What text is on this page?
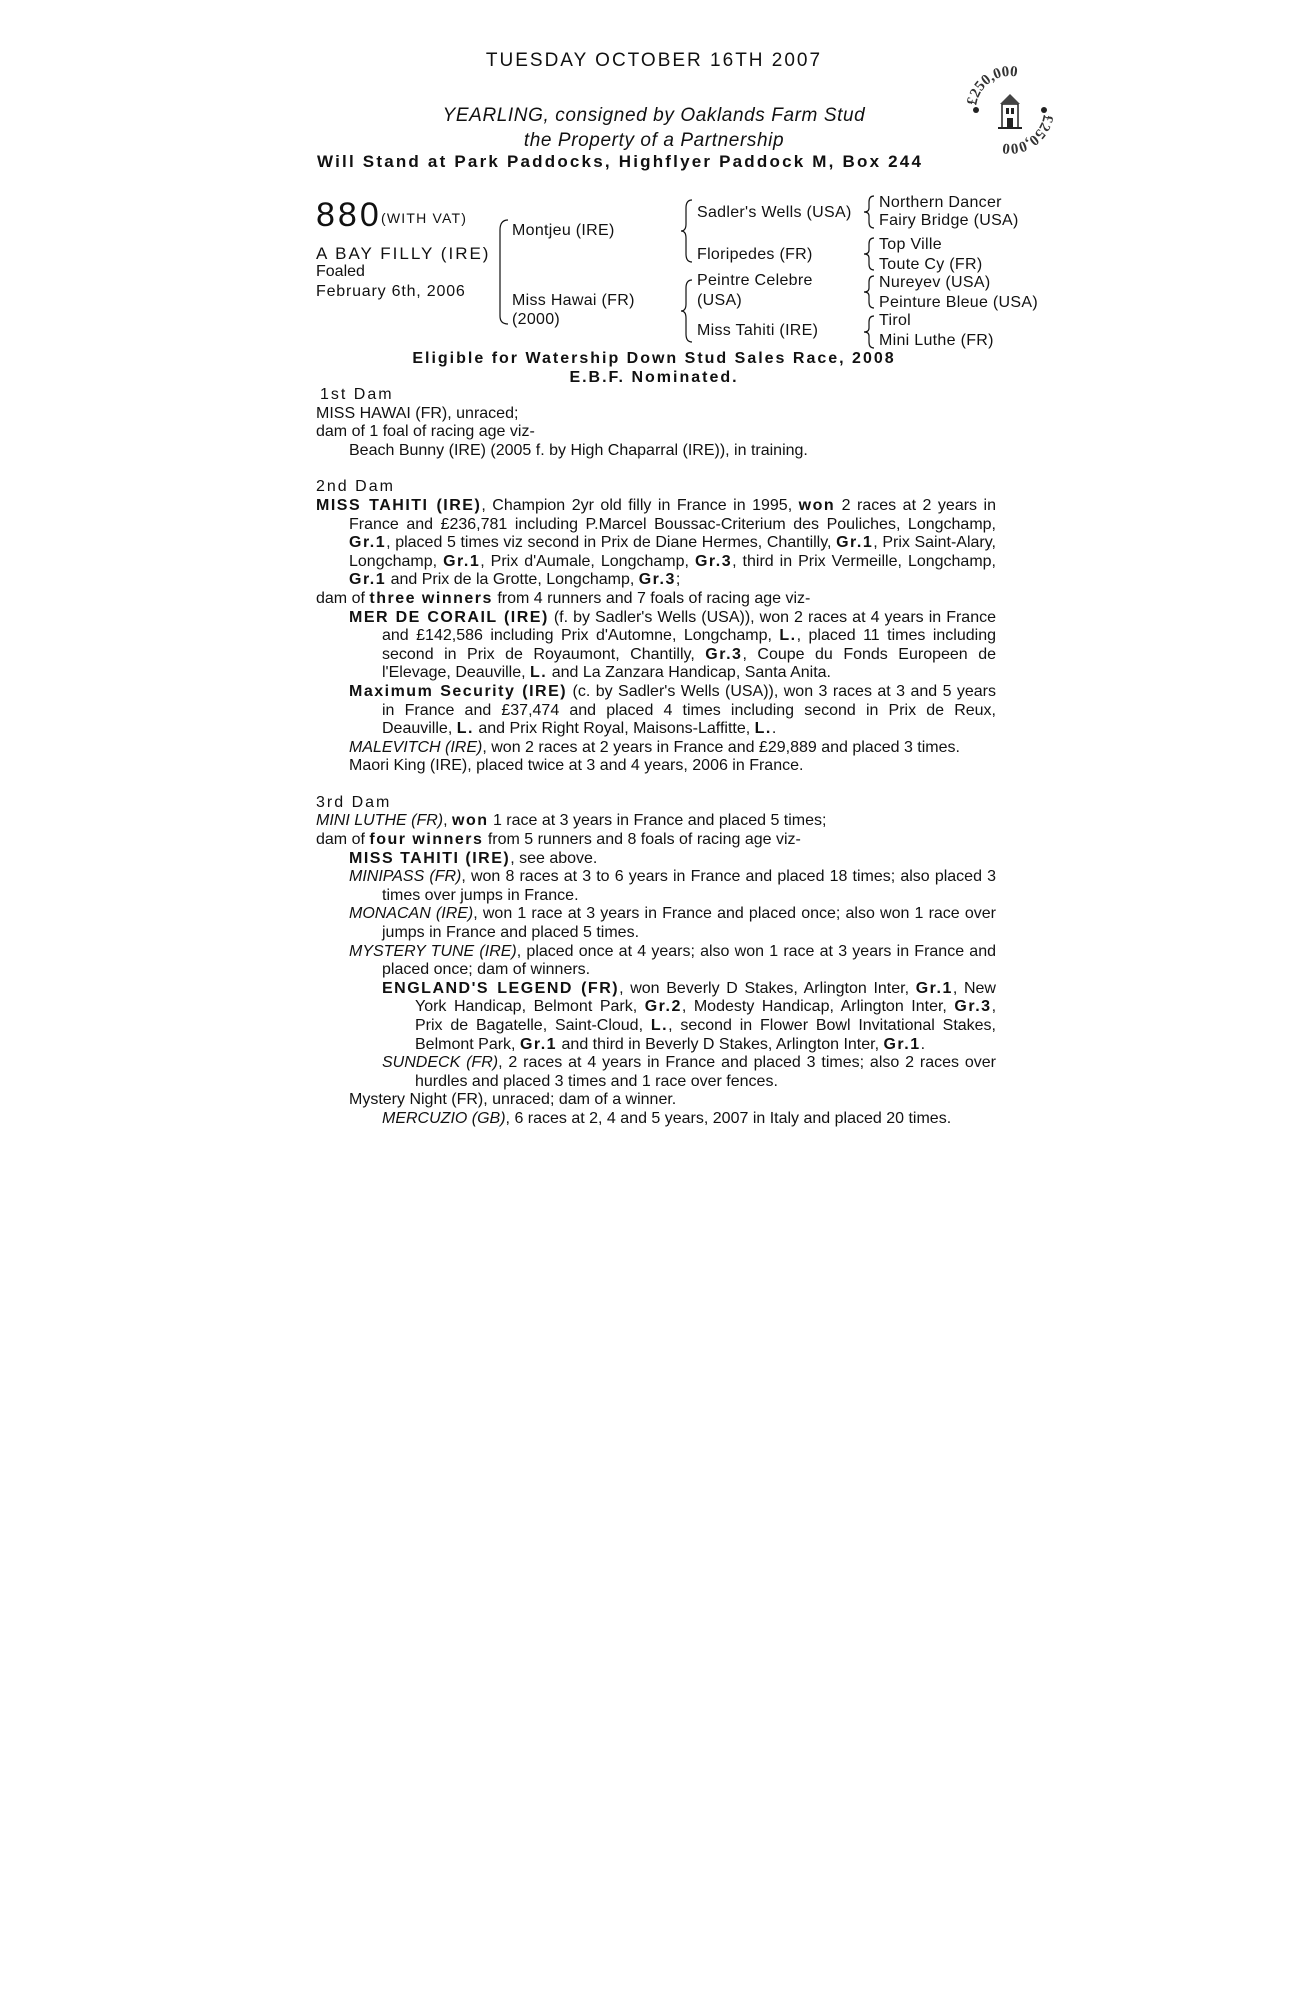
TUESDAY OCTOBER 16TH 2007
YEARLING, consigned by Oaklands Farm Stud
the Property of a Partnership
Will Stand at Park Paddocks, Highflyer Paddock M, Box 244
£250,000
£250,000
880 (WITH VAT)
A BAY FILLY (IRE)
Foaled
February 6th, 2006
Montjeu (IRE)
Miss Hawai (FR)
(2000)
Sadler's Wells (USA)
Floripedes (FR)
Peintre Celebre
(USA)
Miss Tahiti (IRE)
Northern Dancer
Fairy Bridge (USA)
Top Ville
Toute Cy (FR)
Nureyev (USA)
Peinture Bleue (USA)
Tirol
Mini Luthe (FR)
Eligible for Watership Down Stud Sales Race, 2008
E.B.F. Nominated.

1st Dam

MISS HAWAI (FR), unraced;

dam of 1 foal of racing age viz-

Beach Bunny (IRE) (2005 f. by High Chaparral (IRE)), in training.

2nd Dam

MISS TAHITI (IRE), Champion 2yr old filly in France in 1995, won 2 races at 2 years in France and £236,781 including P.Marcel Boussac-Criterium des Pouliches, Longchamp, Gr.1, placed 5 times viz second in Prix de Diane Hermes, Chantilly, Gr.1, Prix Saint-Alary, Longchamp, Gr.1, Prix d'Aumale, Longchamp, Gr.3, third in Prix Vermeille, Longchamp, Gr.1 and Prix de la Grotte, Longchamp, Gr.3;

dam of three winners from 4 runners and 7 foals of racing age viz-

MER DE CORAIL (IRE) (f. by Sadler's Wells (USA)), won 2 races at 4 years in France and £142,586 including Prix d'Automne, Longchamp, L., placed 11 times including second in Prix de Royaumont, Chantilly, Gr.3, Coupe du Fonds Europeen de l'Elevage, Deauville, L. and La Zanzara Handicap, Santa Anita.

Maximum Security (IRE) (c. by Sadler's Wells (USA)), won 3 races at 3 and 5 years in France and £37,474 and placed 4 times including second in Prix de Reux, Deauville, L. and Prix Right Royal, Maisons-Laffitte, L..

MALEVITCH (IRE), won 2 races at 2 years in France and £29,889 and placed 3 times.

Maori King (IRE), placed twice at 3 and 4 years, 2006 in France.

3rd Dam

MINI LUTHE (FR), won 1 race at 3 years in France and placed 5 times;

dam of four winners from 5 runners and 8 foals of racing age viz-

MISS TAHITI (IRE), see above.

MINIPASS (FR), won 8 races at 3 to 6 years in France and placed 18 times; also placed 3 times over jumps in France.

MONACAN (IRE), won 1 race at 3 years in France and placed once; also won 1 race over jumps in France and placed 5 times.

MYSTERY TUNE (IRE), placed once at 4 years; also won 1 race at 3 years in France and placed once; dam of winners.

ENGLAND'S LEGEND (FR), won Beverly D Stakes, Arlington Inter, Gr.1, New York Handicap, Belmont Park, Gr.2, Modesty Handicap, Arlington Inter, Gr.3, Prix de Bagatelle, Saint-Cloud, L., second in Flower Bowl Invitational Stakes, Belmont Park, Gr.1 and third in Beverly D Stakes, Arlington Inter, Gr.1.

SUNDECK (FR), 2 races at 4 years in France and placed 3 times; also 2 races over hurdles and placed 3 times and 1 race over fences.

Mystery Night (FR), unraced; dam of a winner.

MERCUZIO (GB), 6 races at 2, 4 and 5 years, 2007 in Italy and placed 20 times.
